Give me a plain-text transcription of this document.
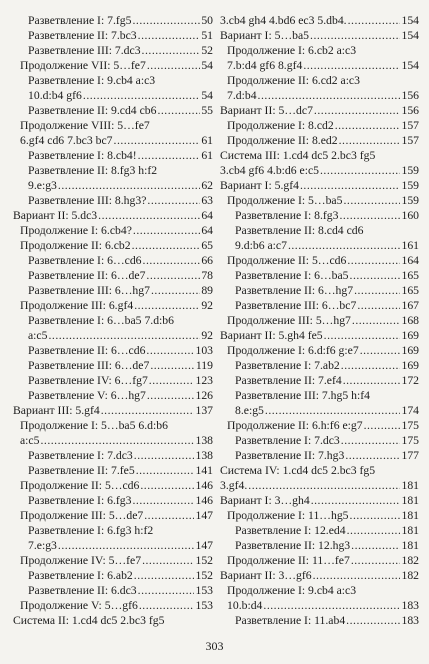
Разветвление I: 7.fg5 .....	50
Разветвление II: 7.bc3 .....	51
Разветвление III: 7.dc3 .....	52
Продолжение VII: 5…fe7 .....	54
Разветвление I: 9.cb4 a:c3
10.d:b4 gf6 .....	54
Разветвление II: 9.cd4 cb6 .....	55
Продолжение VIII: 5…fe7
6.gf4 cd6 7.bc3 bc7 .....	61
Разветвление I: 8.cb4! .....	61
Разветвление II: 8.fg3 h:f2
9.e:g3 .....	62
Разветвление III: 8.hg3? .....	63
Вариант II: 5.dc3 .....	64
Продолжение I: 6.cb4? .....	64
Продолжение II: 6.cb2 .....	65
Разветвление I: 6…cd6 .....	66
Разветвление II: 6…de7 .....	78
Разветвление III: 6…hg7 .....	89
Продолжение III: 6.gf4 .....	92
Разветвление I: 6…ba5 7.d:b6
a:c5 .....	92
Разветвление II: 6…cd6 .....	103
Разветвление III: 6…de7 .....	119
Разветвление IV: 6…fg7 .....	123
Разветвление V: 6…hg7 .....	126
Вариант III: 5.gf4 .....	137
Продолжение I: 5…ba5 6.d:b6
a:c5 .....	138
Разветвление I: 7.dc3 .....	138
Разветвление II: 7.fe5 .....	141
Продолжение II: 5…cd6 .....	146
Разветвление I: 6.fg3 .....	146
Продолжение III: 5…de7 .....	147
Разветвление I: 6.fg3 h:f2
7.e:g3 .....	147
Продолжение IV: 5…fe7 .....	152
Разветвление I: 6.ab2 .....	152
Разветвление II: 6.dc3 .....	153
Продолжение V: 5…gf6 .....	153
Система II: 1.cd4 dc5 2.bc3 fg5
3.cb4 gh4 4.bd6 ec3 5.db4. .....	154
Вариант I: 5…ba5 .....	154
Продолжение I: 6.cb2 a:c3
7.b:d4 gf6 8.gf4 .....	154
Продолжение II: 6.cd2 a:c3
7.d:b4 .....	156
Вариант II: 5…dc7 .....	156
Продолжение I: 8.cd2 .....	157
Продолжение II: 8.ed2 .....	157
Система III: 1.cd4 dc5 2.bc3 fg5
3.cb4 gf6 4.b:d6 e:c5 .....	159
Вариант I: 5.gf4 .....	159
Продолжение I: 5…ba5 .....	159
Разветвление I: 8.fg3 .....	160
Разветвление II: 8.cd4 cd6
9.d:b6 a:c7 .....	161
Продолжение II: 5…cd6 .....	164
Разветвление I: 6…ba5 .....	165
Разветвление II: 6…hg7 .....	165
Разветвление III: 6…bc7 .....	167
Продолжение III: 5…hg7 .....	168
Вариант II: 5.gh4 fe5 .....	169
Продолжение I: 6.d:f6 g:e7 .....	169
Разветвление I: 7.ab2 .....	169
Разветвление II: 7.ef4 .....	172
Разветвление III: 7.hg5 h:f4
8.e:g5 .....	174
Продолжение II: 6.h:f6 e:g7 .....	175
Разветвление I: 7.dc3 .....	175
Разветвление II: 7.hg3 .....	177
Система IV: 1.cd4 dc5 2.bc3 fg5
3.gf4. .....	181
Вариант I: 3…gh4 .....	181
Продолжение I: 11…hg5 .....	181
Разветвление I: 12.ed4 .....	181
Разветвление II: 12.hg3 .....	181
Продолжение II: 11…fe7 .....	182
Вариант II: 3…gf6 .....	182
Продолжение I: 9.cb4 a:c3
10.b:d4 .....	183
Разветвление I: 11.ab4 .....	183
303
